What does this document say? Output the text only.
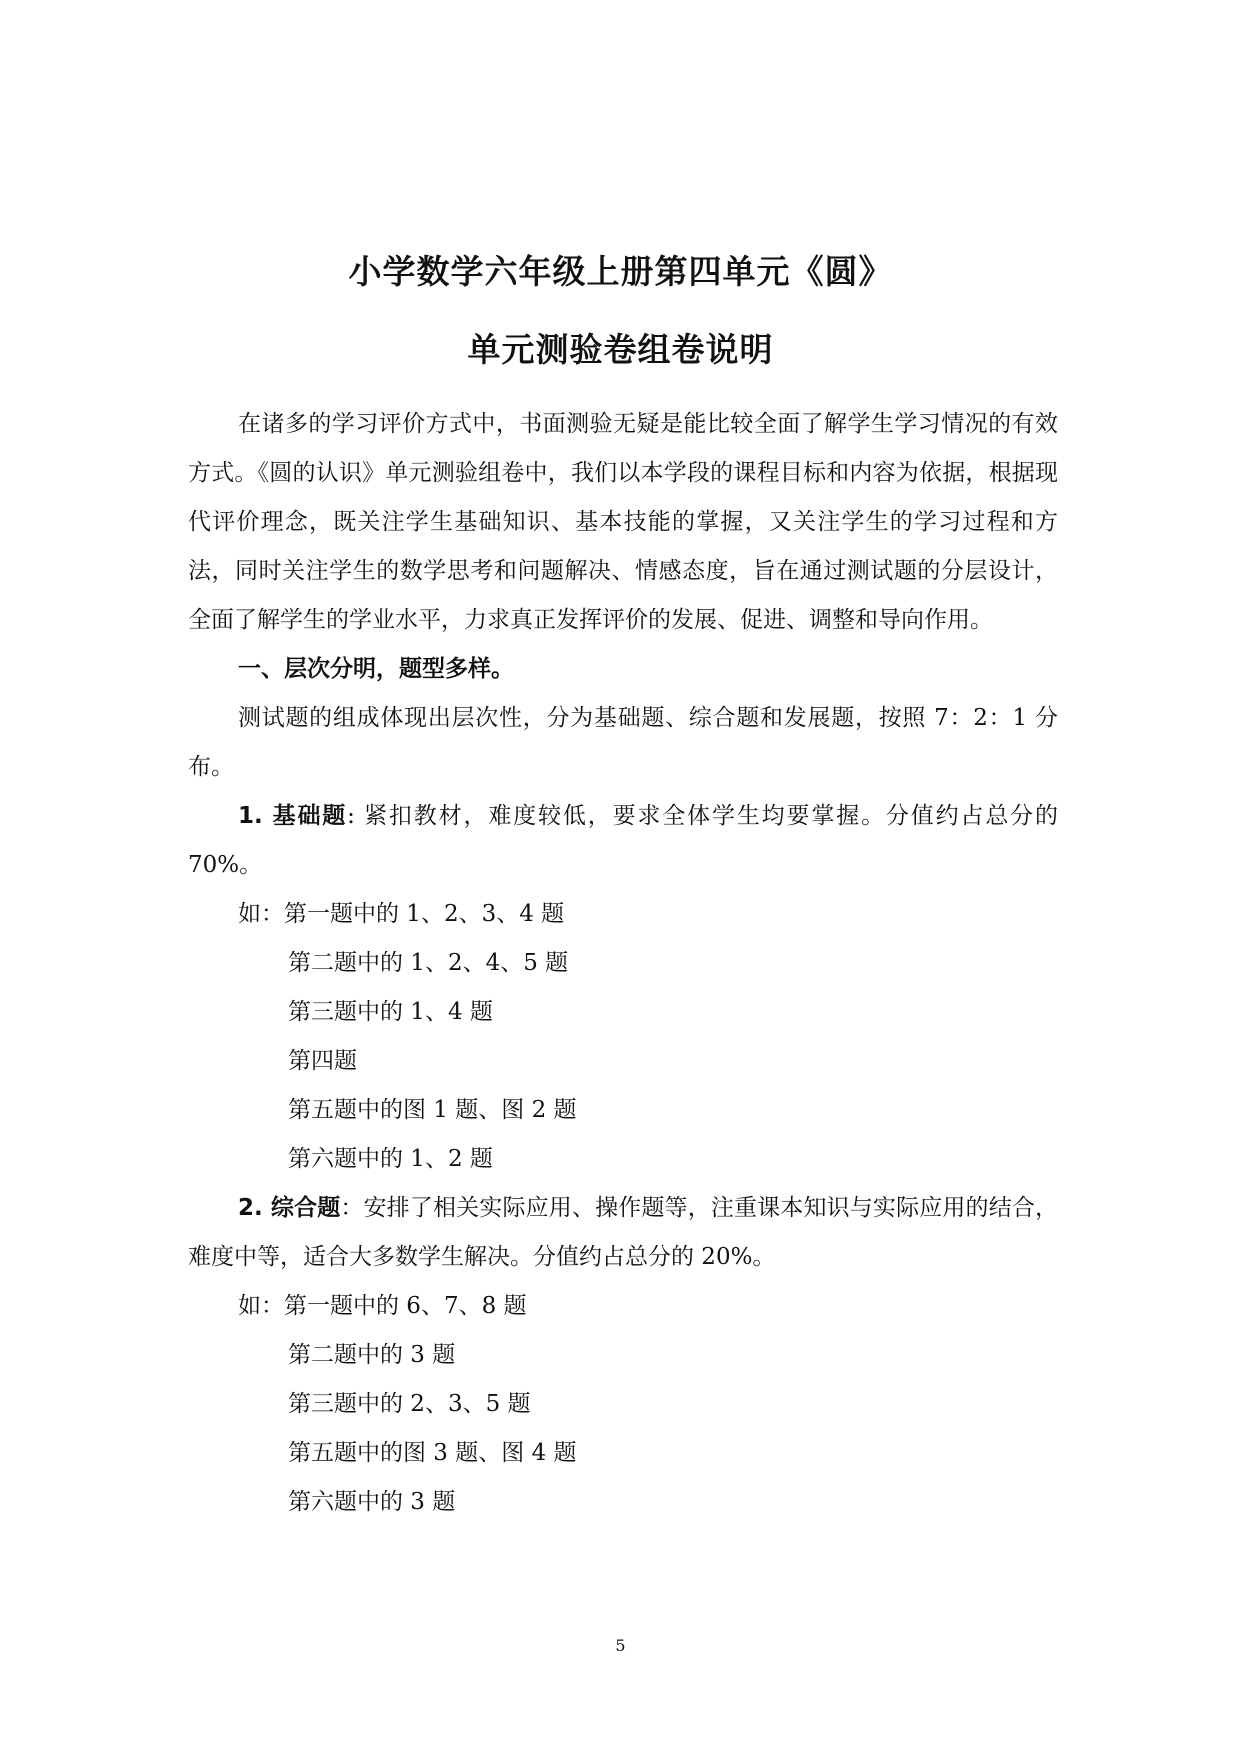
小学数学六年级上册第四单元《圆》
单元测验卷组卷说明

在诸多的学习评价方式中，书面测验无疑是能比较全面了解学生学习情况的有效方式。《圆的认识》单元测验组卷中，我们以本学段的课程目标和内容为依据，根据现代评价理念，既关注学生基础知识、基本技能的掌握，又关注学生的学习过程和方法，同时关注学生的数学思考和问题解决、情感态度，旨在通过测试题的分层设计，全面了解学生的学业水平，力求真正发挥评价的发展、促进、调整和导向作用。

一、层次分明，题型多样。

测试题的组成体现出层次性，分为基础题、综合题和发展题，按照 7：2：1 分布。

1. 基础题: 紧扣教材，难度较低，要求全体学生均要掌握。分值约占总分的 70%。

如：第一题中的 1、2、3、4 题

第二题中的 1、2、4、5 题

第三题中的 1、4 题

第四题

第五题中的图 1 题、图 2 题

第六题中的 1、2 题

2. 综合题：安排了相关实际应用、操作题等，注重课本知识与实际应用的结合，难度中等，适合大多数学生解决。分值约占总分的 20%。

如：第一题中的 6、7、8 题

第二题中的 3 题

第三题中的 2、3、5 题

第五题中的图 3 题、图 4 题

第六题中的 3 题

5
